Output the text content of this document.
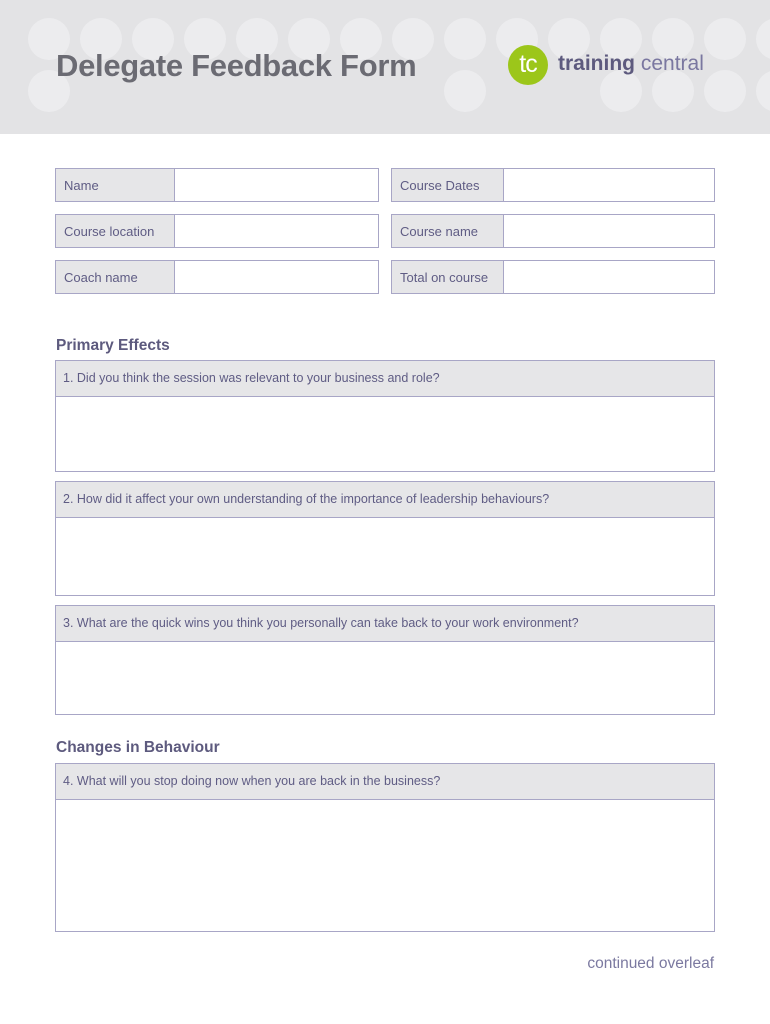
Delegate Feedback Form	tc	training central
Name	Course Dates
Course location	Course name
Coach name	Total on course
Primary Effects
1. Did you think the session was relevant to your business and role?
2. How did it affect your own understanding of the importance of leadership behaviours?
3. What are the quick wins you think you personally can take back to your work environment?
Changes in Behaviour
4. What will you stop doing now when you are back in the business?
continued overleaf
